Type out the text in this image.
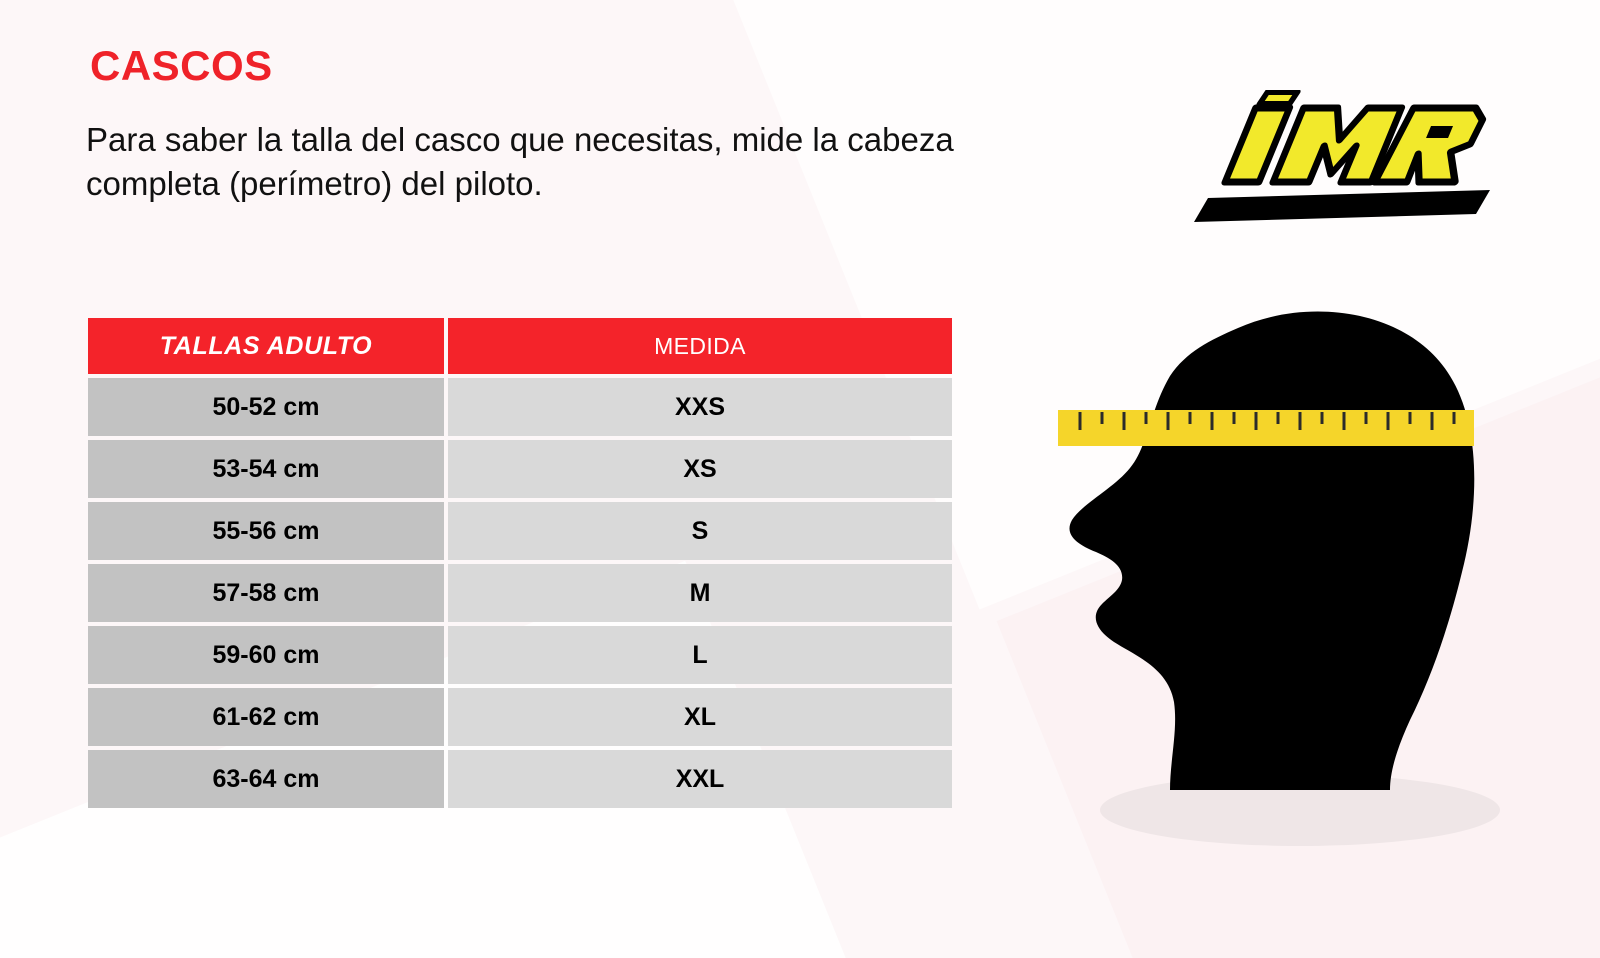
CASCOS
Para saber la talla del casco que necesitas, mide la cabeza completa (perímetro) del piloto.
TALLAS ADULTO	MEDIDA
50-52 cm	XXS
53-54 cm	XS
55-56 cm	S
57-58 cm	M
59-60 cm	L
61-62 cm	XL
63-64 cm	XXL
